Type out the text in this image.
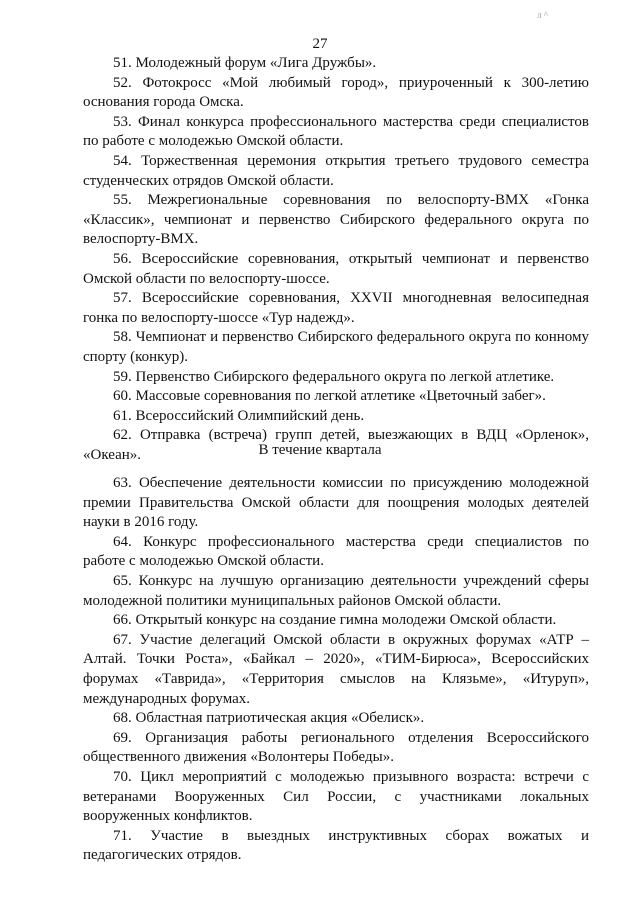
л ^
27

51. Молодежный форум «Лига Дружбы».

52. Фотокросс «Мой любимый город», приуроченный к 300-летию основания города Омска.

53. Финал конкурса профессионального мастерства среди специалистов по работе с молодежью Омской области.

54. Торжественная церемония открытия третьего трудового семестра студенческих отрядов Омской области.

55. Межрегиональные соревнования по велоспорту-ВМХ «Гонка «Классик», чемпионат и первенство Сибирского федерального округа по велоспорту-ВМХ.

56. Всероссийские соревнования, открытый чемпионат и первенство Омской области по велоспорту-шоссе.

57. Всероссийские соревнования, XXVII многодневная велосипедная гонка по велоспорту-шоссе «Тур надежд».

58. Чемпионат и первенство Сибирского федерального округа по конному спорту (конкур).

59. Первенство Сибирского федерального округа по легкой атлетике.

60. Массовые соревнования по легкой атлетике «Цветочный забег».

61. Всероссийский Олимпийский день.

62. Отправка (встреча) групп детей, выезжающих в ВДЦ «Орленок», «Океан».	В течение квартала

63. Обеспечение деятельности комиссии по присуждению молодежной премии Правительства Омской области для поощрения молодых деятелей науки в 2016 году.

64. Конкурс профессионального мастерства среди специалистов по работе с молодежью Омской области.

65. Конкурс на лучшую организацию деятельности учреждений сферы молодежной политики муниципальных районов Омской области.

66. Открытый конкурс на создание гимна молодежи Омской области.

67. Участие делегаций Омской области в окружных форумах «АТР – Алтай. Точки Роста», «Байкал – 2020», «ТИМ-Бирюса», Всероссийских форумах «Таврида», «Территория смыслов на Клязьме», «Итуруп», международных форумах.

68. Областная патриотическая акция «Обелиск».

69. Организация работы регионального отделения Всероссийского общественного движения «Волонтеры Победы».

70. Цикл мероприятий с молодежью призывного возраста: встречи с ветеранами Вооруженных Сил России, с участниками локальных вооруженных конфликтов.

71. Участие в выездных инструктивных сборах вожатых и педагогических отрядов.
